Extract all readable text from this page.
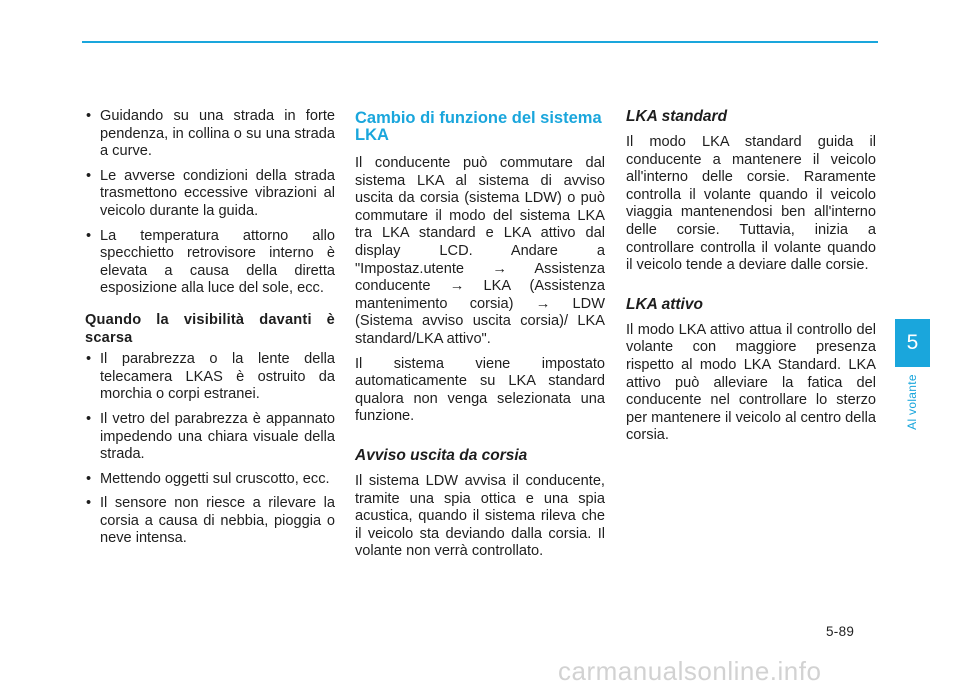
• Guidando su una strada in forte pendenza, in collina o su una strada a curve.
• Le avverse condizioni della strada trasmettono eccessive vibrazioni al veicolo durante la guida.
• La temperatura attorno allo specchietto retrovisore interno è elevata a causa della diretta esposizione alla luce del sole, ecc.
Quando la visibilità davanti è scarsa
• Il parabrezza o la lente della telecamera LKAS è ostruito da morchia o corpi estranei.
• Il vetro del parabrezza è appannato impedendo una chiara visuale della strada.
• Mettendo oggetti sul cruscotto, ecc.
• Il sensore non riesce a rilevare la corsia a causa di nebbia, pioggia o neve intensa.
Cambio di funzione del sistema LKA

Il conducente può commutare dal sistema LKA al sistema di avviso uscita da corsia (sistema LDW) o può commutare il modo del sistema LKA tra LKA standard e LKA attivo dal display LCD. Andare a "Impostaz.utente → Assistenza conducente → LKA (Assistenza mantenimento corsia) → LDW (Sistema avviso uscita corsia)/ LKA standard/LKA attivo".

Il sistema viene impostato automaticamente su LKA standard qualora non venga selezionata una funzione.

Avviso uscita da corsia

Il sistema LDW avvisa il conducente, tramite una spia ottica e una spia acustica, quando il sistema rileva che il veicolo sta deviando dalla corsia. Il volante non verrà controllato.

LKA standard

Il modo LKA standard guida il conducente a mantenere il veicolo all'interno delle corsie. Raramente controlla il volante quando il veicolo viaggia mantenendosi ben all'interno delle corsie. Tuttavia, inizia a controllare controlla il volante quando il veicolo tende a deviare dalle corsie.

LKA attivo

Il modo LKA attivo attua il controllo del volante con maggiore presenza rispetto al modo LKA Standard. LKA attivo può alleviare la fatica del conducente nel controllare lo sterzo per mantenere il veicolo al centro della corsia.

5
Al volante
5-89
carmanualsonline.info
